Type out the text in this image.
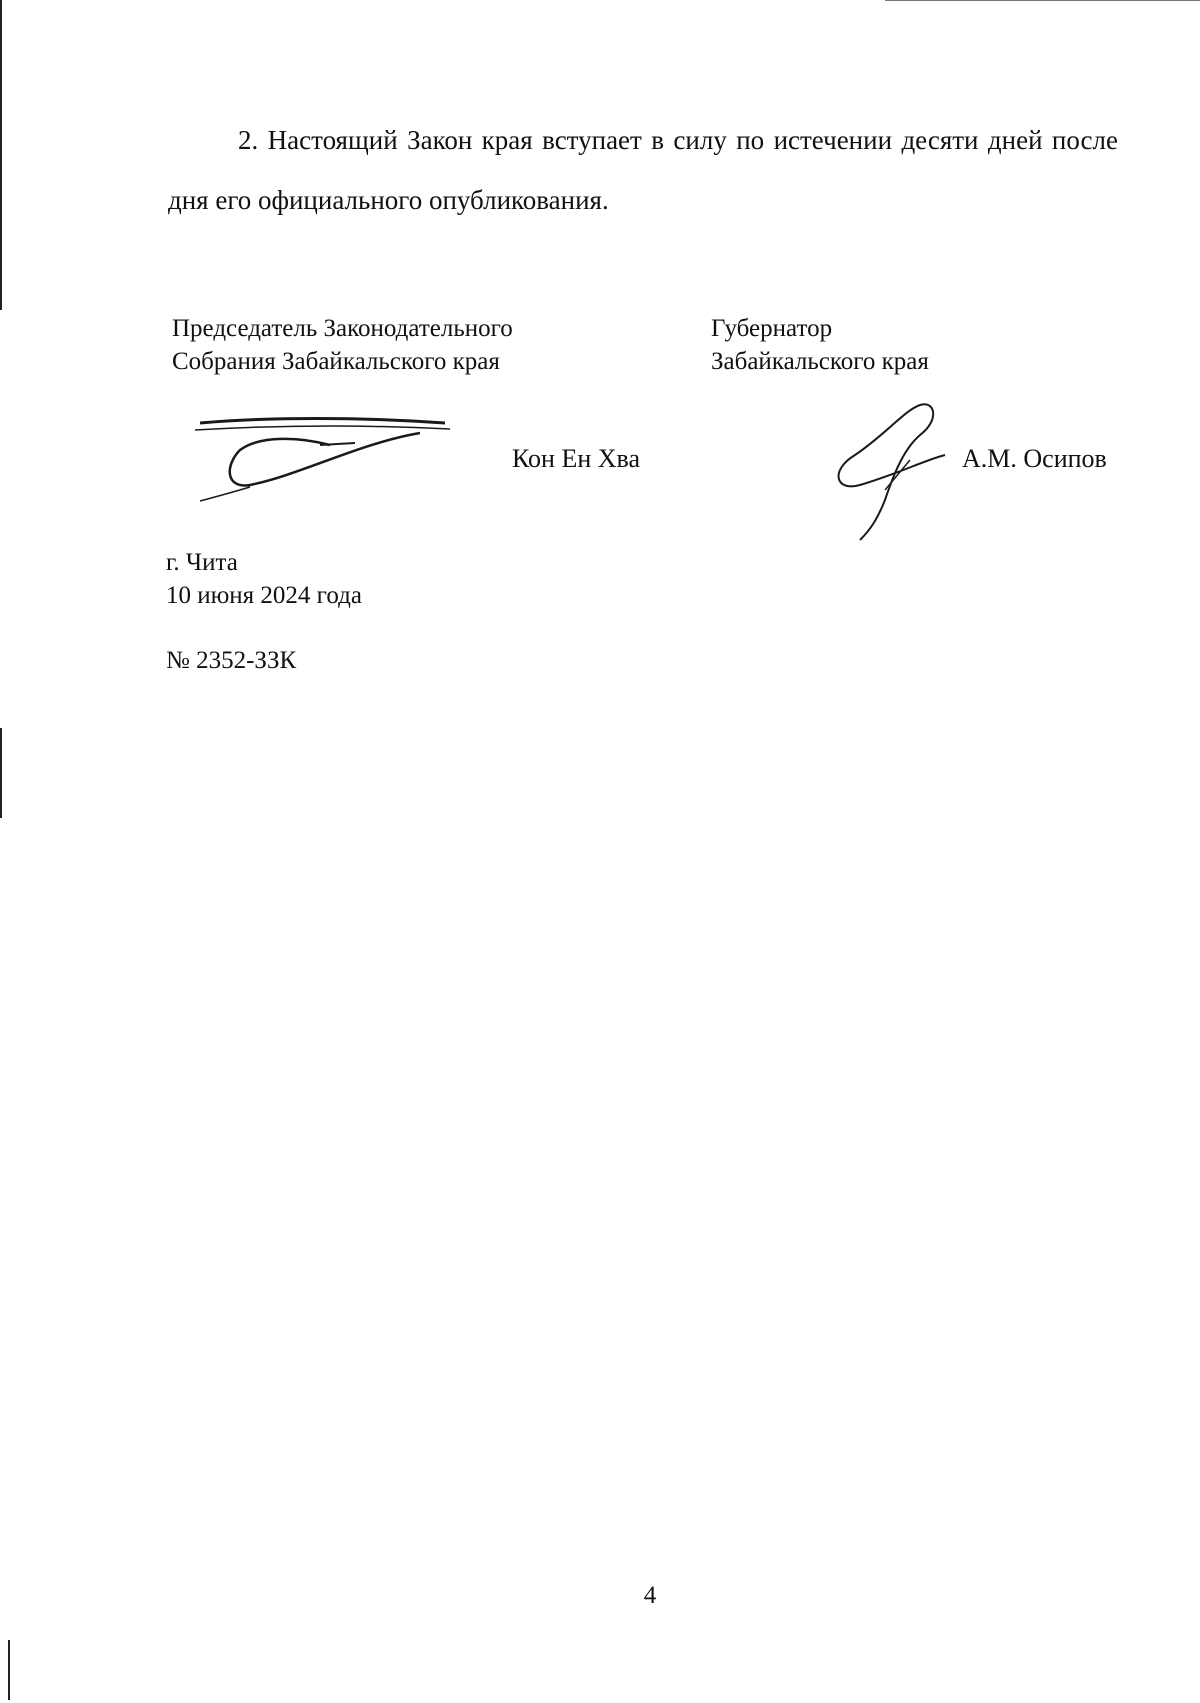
2. Настоящий Закон края вступает в силу по истечении десяти дней после дня его официального опубликования.

Председатель Законодательного
Собрания Забайкальского края
Губернатор
Забайкальского края
Кон Ен Хва	А.М. Осипов
г. Чита
10 июня 2024 года
№ 2352-ЗЗК
4
